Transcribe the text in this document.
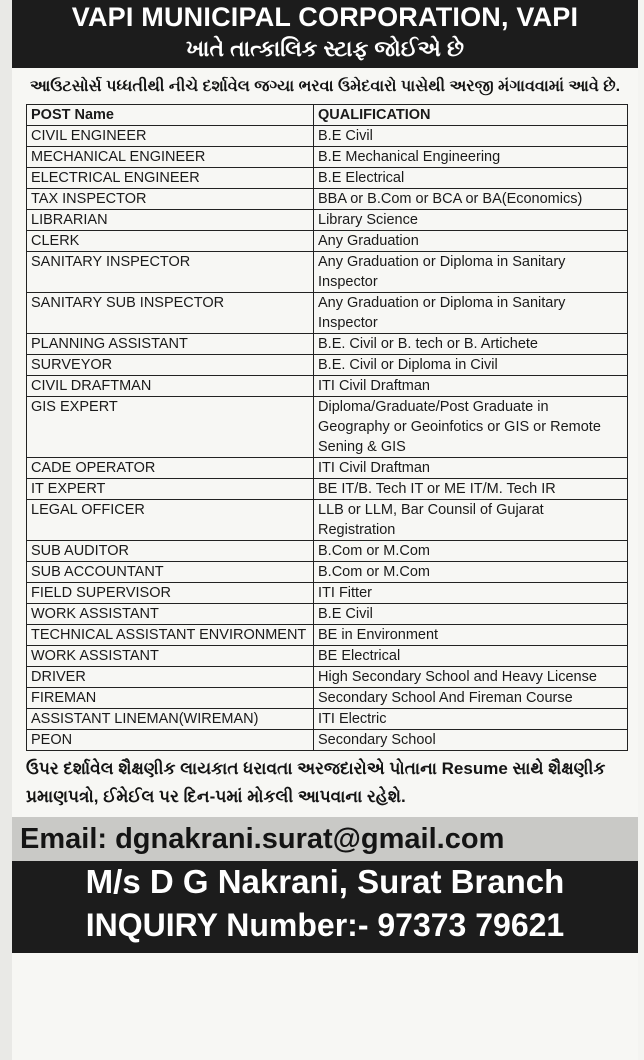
VAPI MUNICIPAL CORPORATION, VAPI
ખાતે તાત્કાલિક સ્ટાફ જોઈએ છે
આઉટસોર્સ પધ્ધતીથી નીચે દર્શાવેલ જગ્યા ભરવા ઉમેદવારો પાસેથી અરજી મંગાવવામાં આવે છે.
POST Name	QUALIFICATION
CIVIL ENGINEER	B.E Civil
MECHANICAL ENGINEER	B.E Mechanical Engineering
ELECTRICAL ENGINEER	B.E Electrical
TAX INSPECTOR	BBA or B.Com or BCA or BA(Economics)
LIBRARIAN	Library Science
CLERK	Any Graduation
SANITARY INSPECTOR	Any Graduation or Diploma in Sanitary Inspector
SANITARY SUB INSPECTOR	Any Graduation or Diploma in Sanitary Inspector
PLANNING ASSISTANT	B.E. Civil or B. tech or B. Artichete
SURVEYOR	B.E. Civil or Diploma in Civil
CIVIL DRAFTMAN	ITI Civil Draftman
GIS EXPERT	Diploma/Graduate/Post Graduate in Geography or Geoinfotics or GIS or Remote Sening & GIS
CADE OPERATOR	ITI Civil Draftman
IT EXPERT	BE IT/B. Tech IT or ME IT/M. Tech IR
LEGAL OFFICER	LLB or LLM, Bar Counsil of Gujarat Registration
SUB AUDITOR	B.Com or M.Com
SUB ACCOUNTANT	B.Com or M.Com
FIELD SUPERVISOR	ITI Fitter
WORK ASSISTANT	B.E Civil
TECHNICAL ASSISTANT ENVIRONMENT	BE in Environment
WORK ASSISTANT	BE Electrical
DRIVER	High Secondary School and Heavy License
FIREMAN	Secondary School And Fireman Course
ASSISTANT LINEMAN(WIREMAN)	ITI Electric
PEON	Secondary School
ઉપર દર્શાવેલ શૈક્ષણીક લાયકાત ધરાવતા અરજદારોએ પોતાના Resume સાથે શૈક્ષણીક પ્રમાણપત્રો, ઈમેઈલ પર દિન-૫માં મોકલી આપવાના રહેશે.
Email: dgnakrani.surat@gmail.com
M/s D G Nakrani, Surat Branch
INQUIRY Number:- 97373 79621
